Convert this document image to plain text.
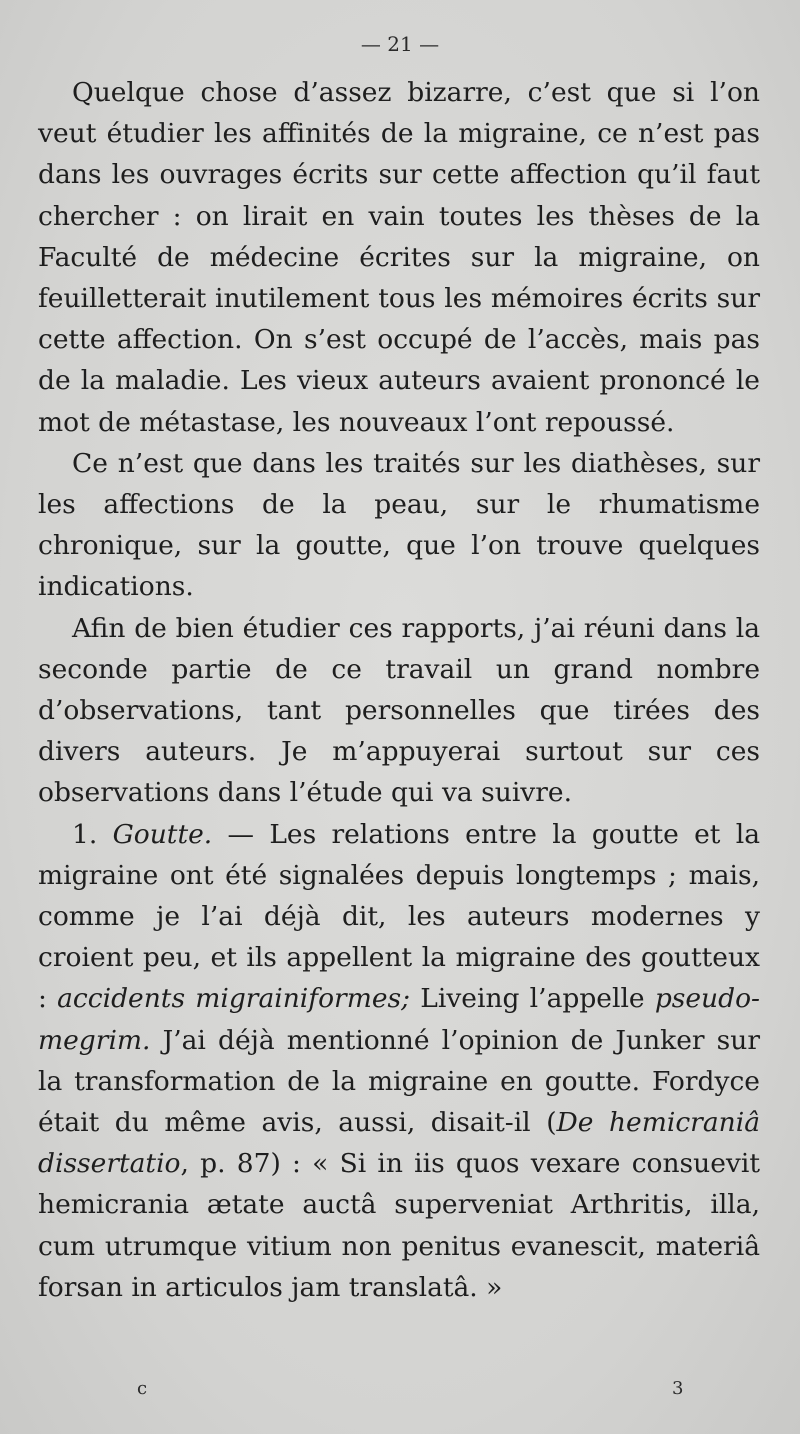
— 21 —

Quelque chose d’assez bizarre, c’est que si l’on veut étudier les affinités de la migraine, ce n’est pas dans les ouvrages écrits sur cette affection qu’il faut chercher : on lirait en vain toutes les thèses de la Faculté de médecine écrites sur la migraine, on feuilletterait inutilement tous les mémoires écrits sur cette affection. On s’est occupé de l’accès, mais pas de la maladie. Les vieux auteurs avaient prononcé le mot de métastase, les nouveaux l’ont repoussé.

Ce n’est que dans les traités sur les diathèses, sur les affections de la peau, sur le rhumatisme chronique, sur la goutte, que l’on trouve quelques indications.

Afin de bien étudier ces rapports, j’ai réuni dans la seconde partie de ce travail un grand nombre d’observations, tant personnelles que tirées des divers auteurs. Je m’appuyerai surtout sur ces observations dans l’étude qui va suivre.

1. Goutte. — Les relations entre la goutte et la migraine ont été signalées depuis longtemps ; mais, comme je l’ai déjà dit, les auteurs modernes y croient peu, et ils appellent la migraine des goutteux : accidents migrainiformes; Liveing l’appelle pseudo-megrim. J’ai déjà mentionné l’opinion de Junker sur la transformation de la migraine en goutte. Fordyce était du même avis, aussi, disait-il (De hemicraniâ dissertatio, p. 87) : « Si in iis quos vexare consuevit hemicrania ætate auctâ superveniat Arthritis, illa, cum utrumque vitium non penitus evanescit, materiâ forsan in articulos jam translatâ. »

c	3
